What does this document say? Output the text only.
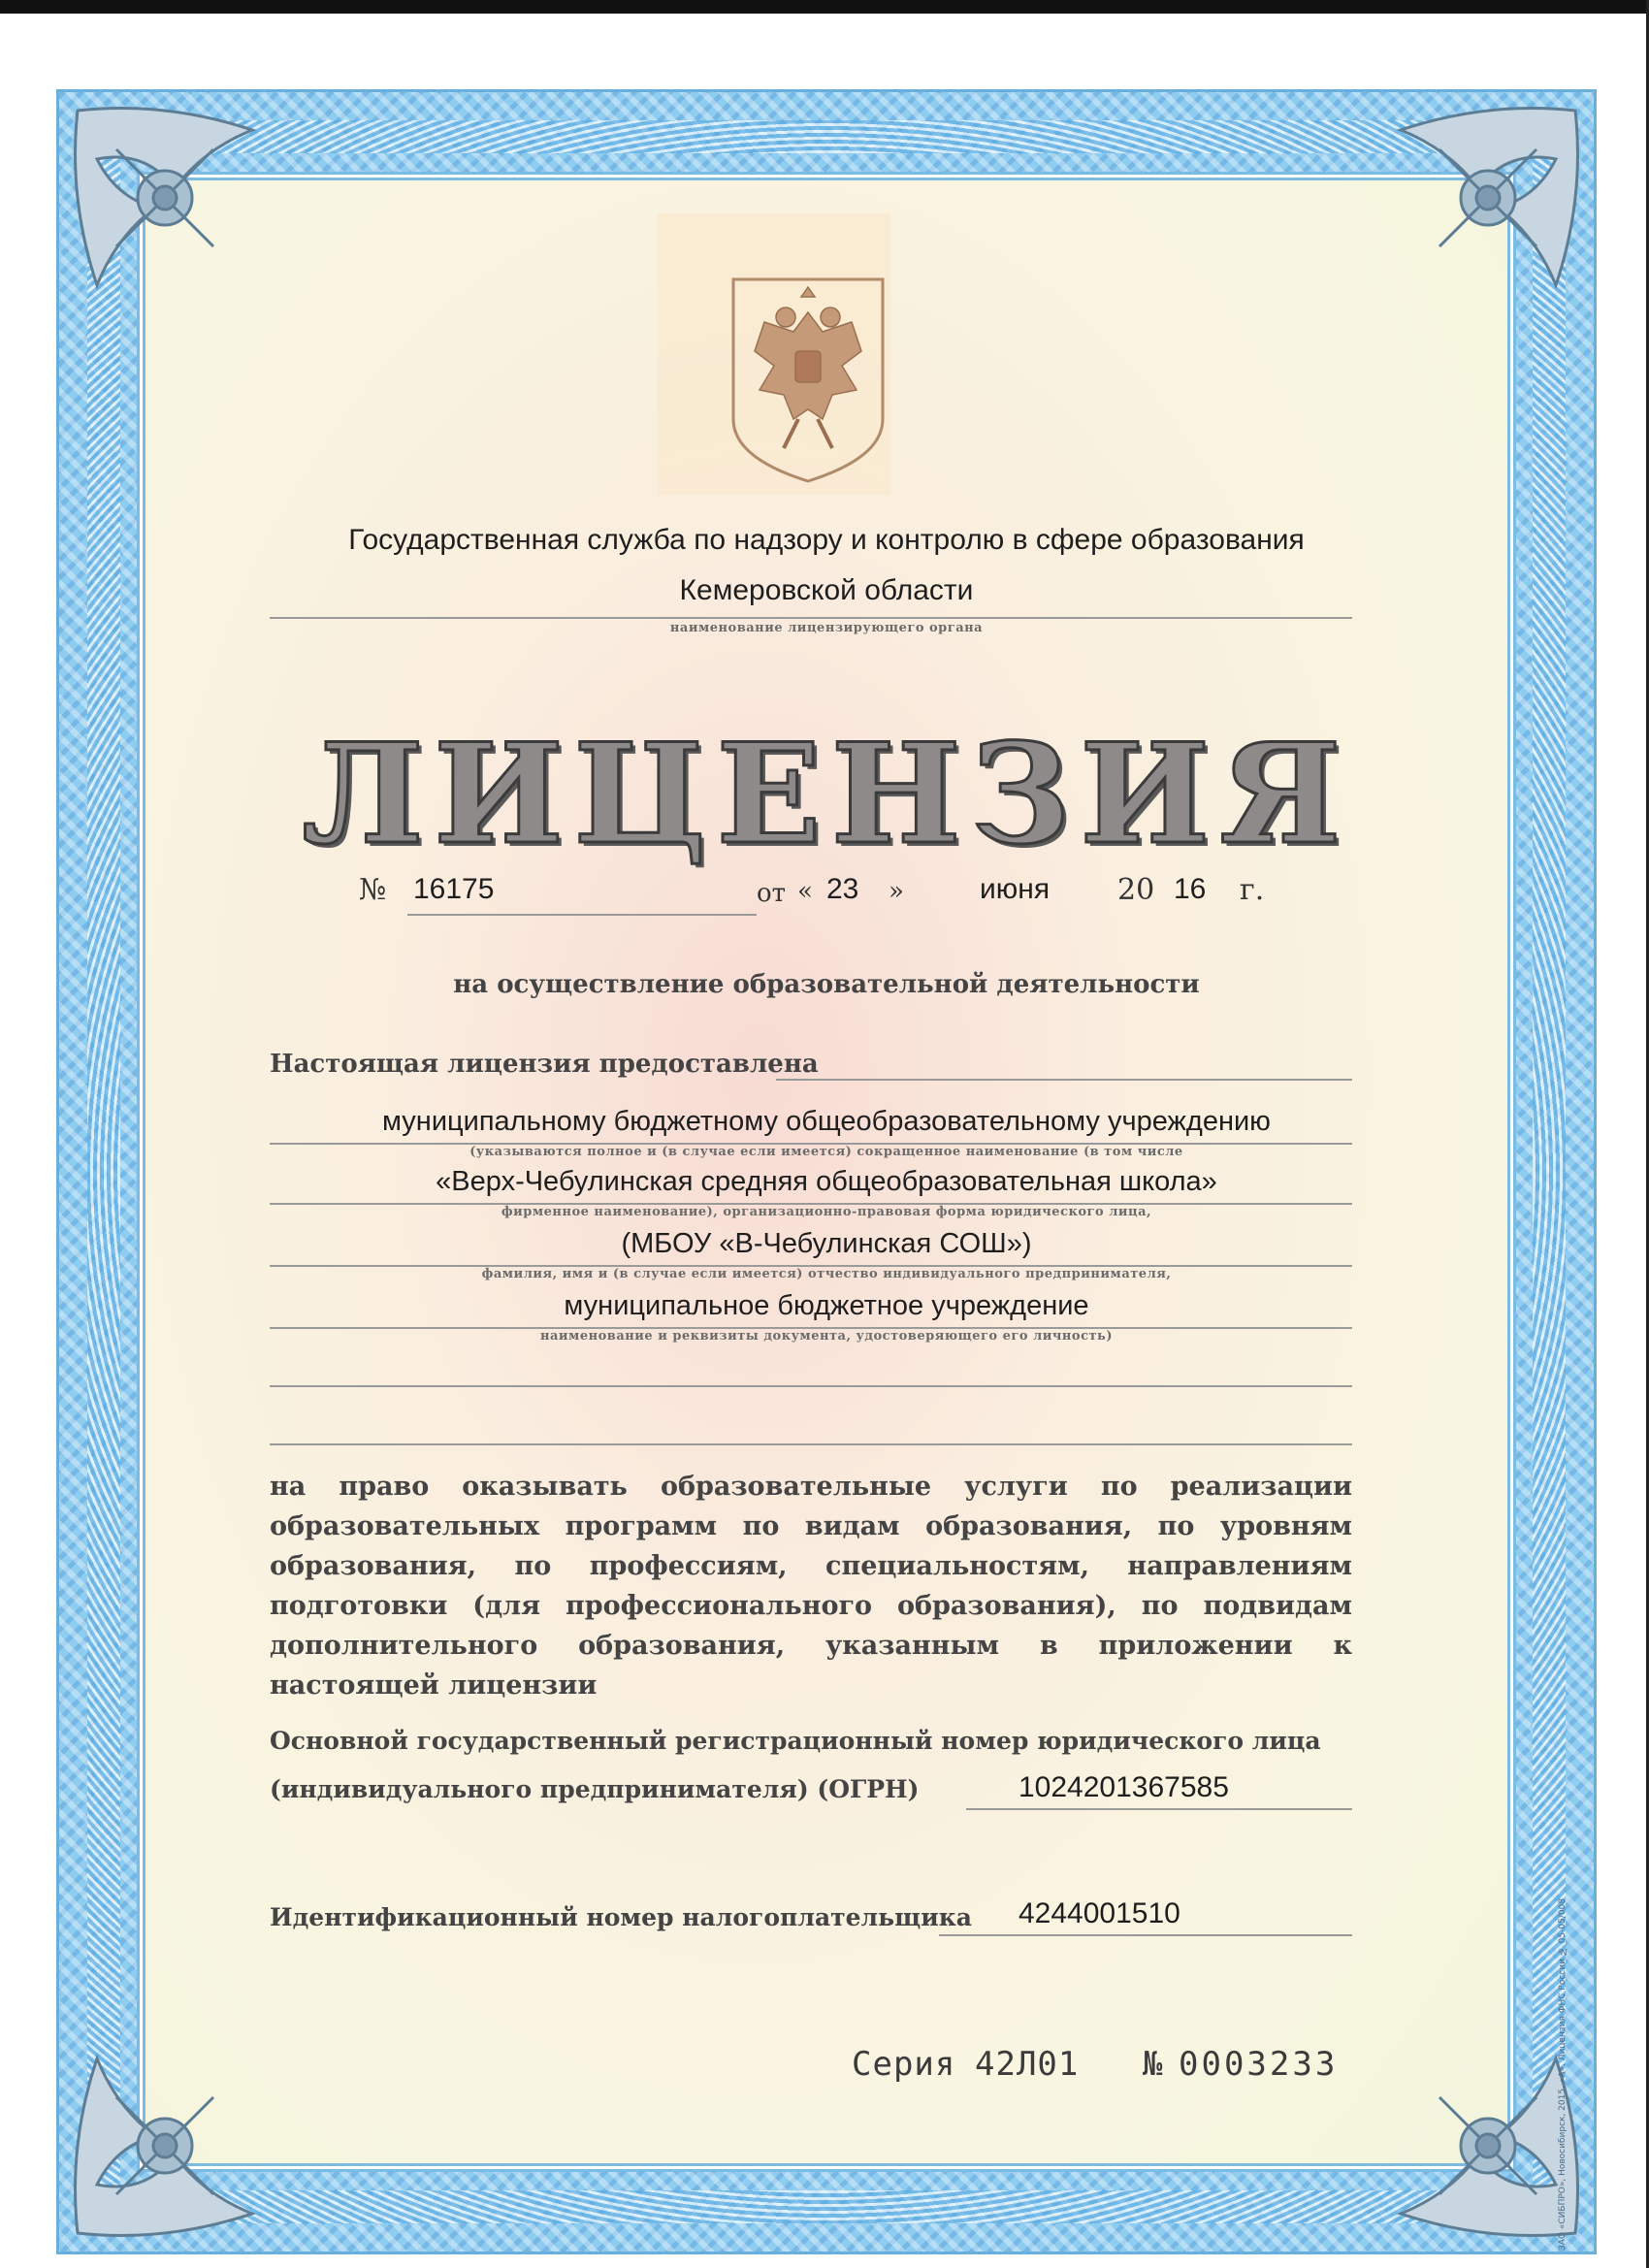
Государственная служба по надзору и контролю в сфере образования
Кемеровской области
наименование лицензирующего органа
ЛИЦЕНЗИЯ
№ 16175	от « 23 »	июня 20 16 г.
на осуществление образовательной деятельности
Настоящая лицензия предоставлена
муниципальному бюджетному общеобразовательному учреждению
(указываются полное и (в случае если имеется) сокращенное наименование (в том числе
«Верх-Чебулинская средняя общеобразовательная школа»
фирменное наименование), организационно-правовая форма юридического лица,
(МБОУ «В-Чебулинская СОШ»)
фамилия, имя и (в случае если имеется) отчество индивидуального предпринимателя,
муниципальное бюджетное учреждение
наименование и реквизиты документа, удостоверяющего его личность)
на право оказывать образовательные услуги по реализации образовательных программ по видам образования, по уровням образования, по профессиям, специальностям, направлениям подготовки (для профессионального образования), по подвидам дополнительного образования, указанным в приложении к настоящей лицензии
Основной государственный регистрационный номер юридического лица
(индивидуального предпринимателя) (ОГРН)	1024201367585
Идентификационный номер налогоплательщика 4244001510
Серия 42Л01 № 0003233	ЗАО «СИБПРО», Новосибирск, 2015, «А». Лицензия ФНС России № 05-05/008
